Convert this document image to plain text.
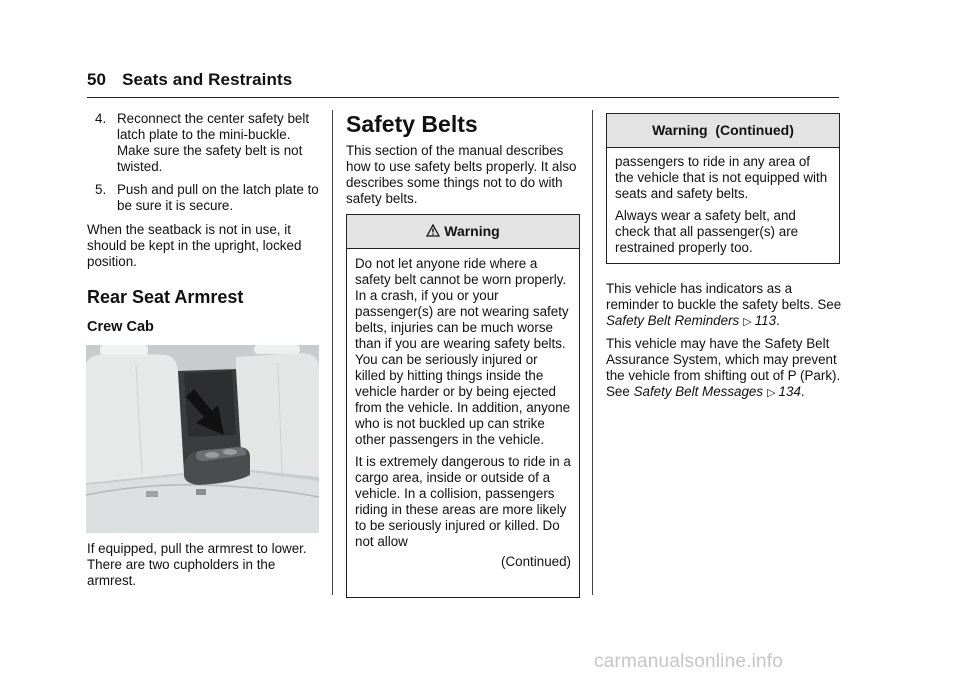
50 Seats and Restraints
4. Reconnect the center safety belt latch plate to the mini-buckle. Make sure the safety belt is not twisted.

5. Push and pull on the latch plate to be sure it is secure.

When the seatback is not in use, it should be kept in the upright, locked position.

Rear Seat Armrest
Crew Cab

If equipped, pull the armrest to lower. There are two cupholders in the armrest.

Safety Belts

This section of the manual describes how to use safety belts properly. It also describes some things not to do with safety belts.

Warning

Do not let anyone ride where a safety belt cannot be worn properly. In a crash, if you or your passenger(s) are not wearing safety belts, injuries can be much worse than if you are wearing safety belts. You can be seriously injured or killed by hitting things inside the vehicle harder or by being ejected from the vehicle. In addition, anyone who is not buckled up can strike other passengers in the vehicle.

It is extremely dangerous to ride in a cargo area, inside or outside of a vehicle. In a collision, passengers riding in these areas are more likely to be seriously injured or killed. Do not allow

(Continued)
Warning  (Continued)

passengers to ride in any area of the vehicle that is not equipped with seats and safety belts.

Always wear a safety belt, and check that all passenger(s) are restrained properly too.

This vehicle has indicators as a reminder to buckle the safety belts. See Safety Belt Reminders ▷ 113.

This vehicle may have the Safety Belt Assurance System, which may prevent the vehicle from shifting out of P (Park). See Safety Belt Messages ▷ 134.

carmanualsonline.info
